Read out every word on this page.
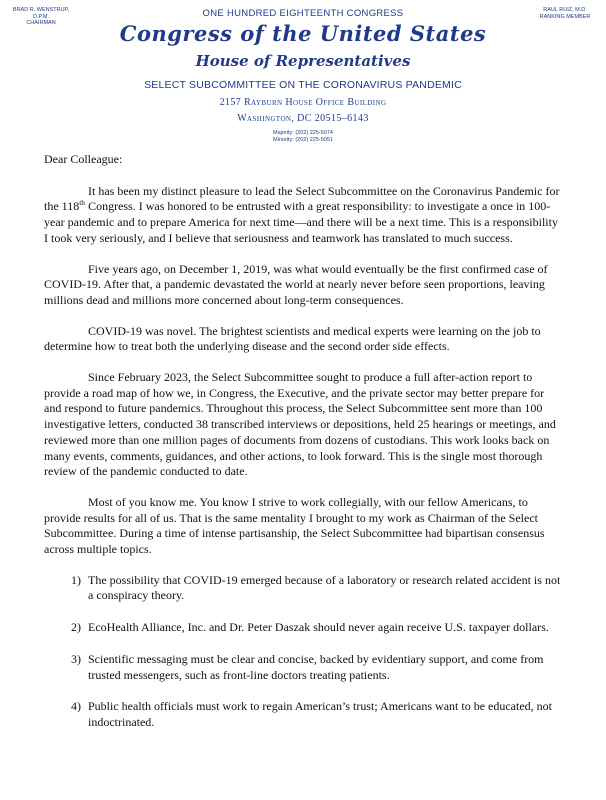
BRAD R. WENSTRUP, D.P.M.
CHAIRMAN
RAUL RUIZ, M.D.
RANKING MEMBER
ONE HUNDRED EIGHTEENTH CONGRESS
Congress of the United States
House of Representatives
SELECT SUBCOMMITTEE ON THE CORONAVIRUS PANDEMIC
2157 Rayburn House Office Building
Washington, DC 20515–6143
Majority: (202) 225-5074
Minority: (202) 225-5051

Dear Colleague:

It has been my distinct pleasure to lead the Select Subcommittee on the Coronavirus Pandemic for the 118th Congress. I was honored to be entrusted with a great responsibility: to investigate a once in 100-year pandemic and to prepare America for next time—and there will be a next time. This is a responsibility I took very seriously, and I believe that seriousness and teamwork has translated to much success.

Five years ago, on December 1, 2019, was what would eventually be the first confirmed case of COVID-19. After that, a pandemic devastated the world at nearly never before seen proportions, leaving millions dead and millions more concerned about long-term consequences.

COVID-19 was novel. The brightest scientists and medical experts were learning on the job to determine how to treat both the underlying disease and the second order side effects.

Since February 2023, the Select Subcommittee sought to produce a full after-action report to provide a road map of how we, in Congress, the Executive, and the private sector may better prepare for and respond to future pandemics. Throughout this process, the Select Subcommittee sent more than 100 investigative letters, conducted 38 transcribed interviews or depositions, held 25 hearings or meetings, and reviewed more than one million pages of documents from dozens of custodians. This work looks back on many events, comments, guidances, and other actions, to look forward. This is the single most thorough review of the pandemic conducted to date.

Most of you know me. You know I strive to work collegially, with our fellow Americans, to provide results for all of us. That is the same mentality I brought to my work as Chairman of the Select Subcommittee. During a time of intense partisanship, the Select Subcommittee had bipartisan consensus across multiple topics.

1) The possibility that COVID-19 emerged because of a laboratory or research related accident is not a conspiracy theory.
2) EcoHealth Alliance, Inc. and Dr. Peter Daszak should never again receive U.S. taxpayer dollars.
3) Scientific messaging must be clear and concise, backed by evidentiary support, and come from trusted messengers, such as front-line doctors treating patients.
4) Public health officials must work to regain American’s trust; Americans want to be educated, not indoctrinated.
